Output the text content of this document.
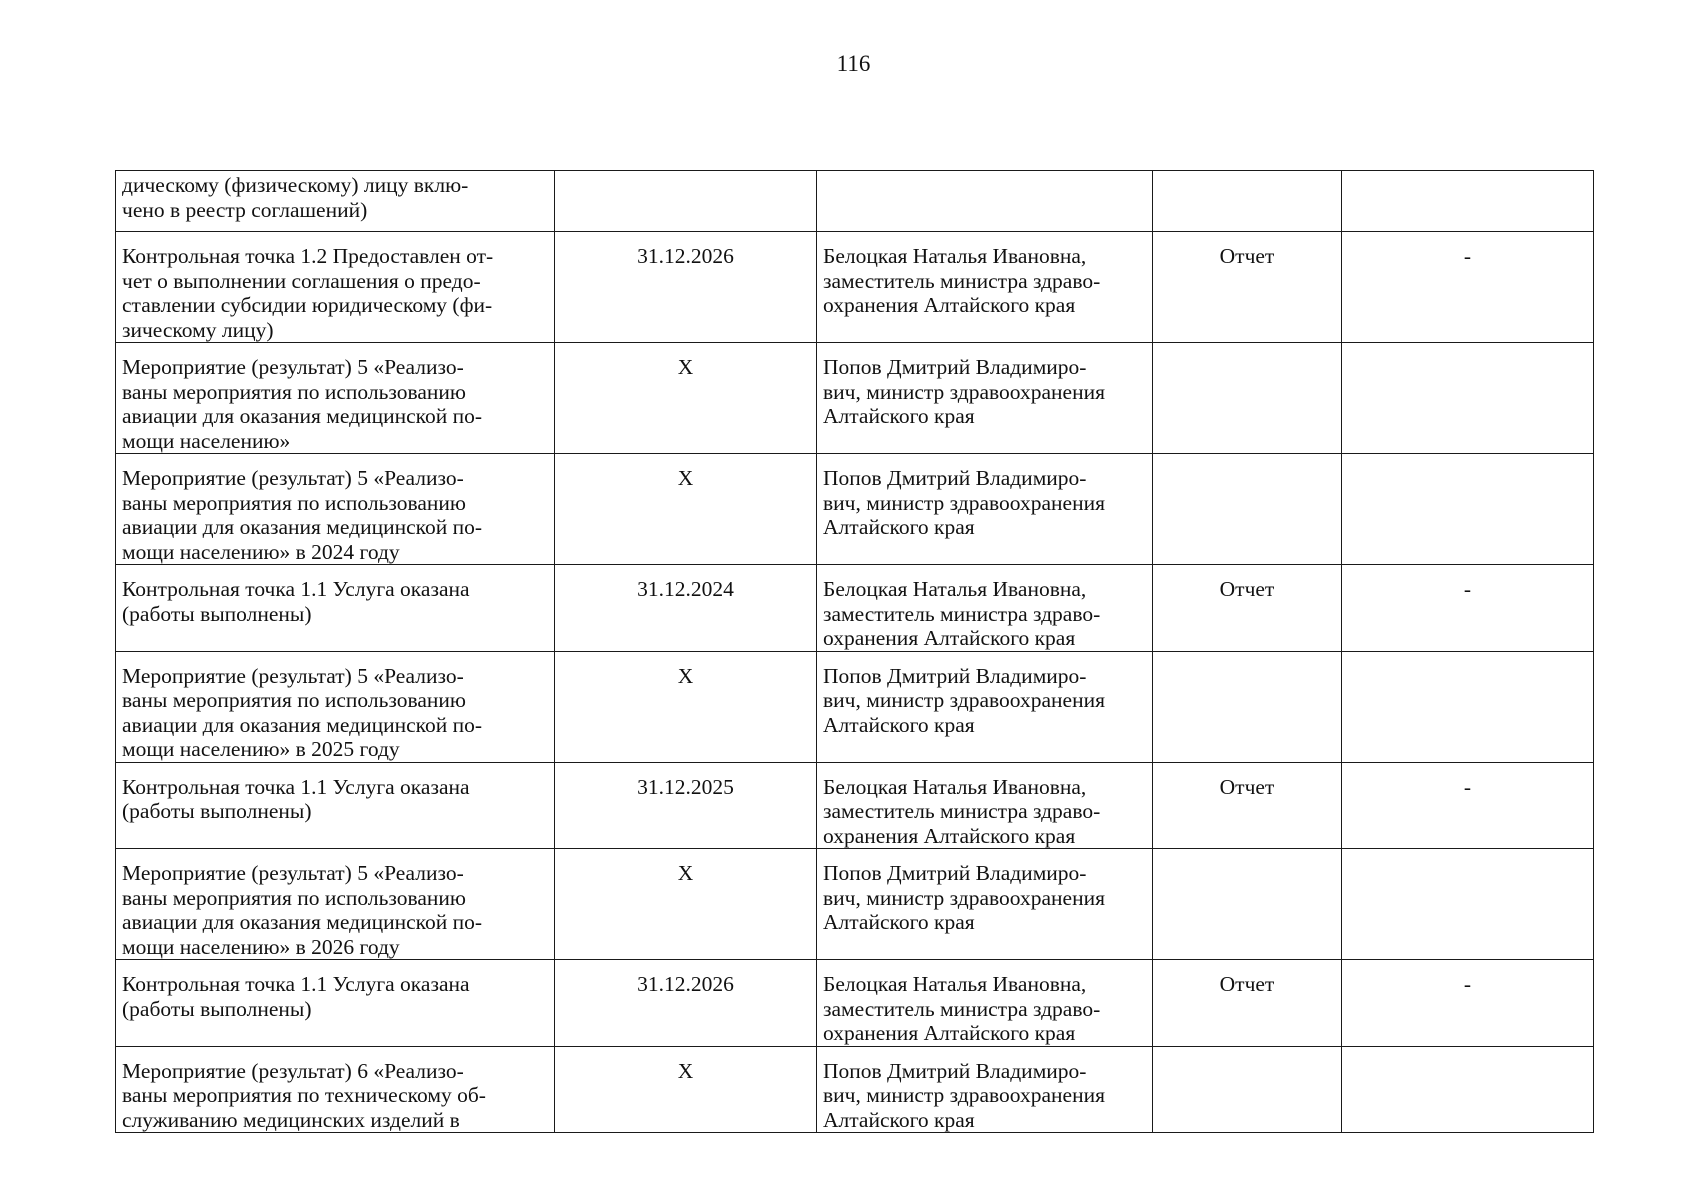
116
дическому (физическому) лицу вклю-
чено в реестр соглашений)				

Контрольная точка 1.2 Предоставлен от-
чет о выполнении соглашения о предо-
ставлении субсидии юридическому (фи-
зическому лицу)	31.12.2026	Белоцкая Наталья Ивановна,
заместитель министра здраво-
охранения Алтайского края	Отчет	-

Мероприятие (результат) 5 «Реализо-
ваны мероприятия по использованию
авиации для оказания медицинской по-
мощи населению»	X	Попов Дмитрий Владимиро-
вич, министр здравоохранения
Алтайского края		

Мероприятие (результат) 5 «Реализо-
ваны мероприятия по использованию
авиации для оказания медицинской по-
мощи населению» в 2024 году	X	Попов Дмитрий Владимиро-
вич, министр здравоохранения
Алтайского края		

Контрольная точка 1.1 Услуга оказана
(работы выполнены)	31.12.2024	Белоцкая Наталья Ивановна,
заместитель министра здраво-
охранения Алтайского края	Отчет	-

Мероприятие (результат) 5 «Реализо-
ваны мероприятия по использованию
авиации для оказания медицинской по-
мощи населению» в 2025 году	X	Попов Дмитрий Владимиро-
вич, министр здравоохранения
Алтайского края		

Контрольная точка 1.1 Услуга оказана
(работы выполнены)	31.12.2025	Белоцкая Наталья Ивановна,
заместитель министра здраво-
охранения Алтайского края	Отчет	-

Мероприятие (результат) 5 «Реализо-
ваны мероприятия по использованию
авиации для оказания медицинской по-
мощи населению» в 2026 году	X	Попов Дмитрий Владимиро-
вич, министр здравоохранения
Алтайского края		

Контрольная точка 1.1 Услуга оказана
(работы выполнены)	31.12.2026	Белоцкая Наталья Ивановна,
заместитель министра здраво-
охранения Алтайского края	Отчет	-

Мероприятие (результат) 6 «Реализо-
ваны мероприятия по техническому об-
служиванию медицинских изделий в	X	Попов Дмитрий Владимиро-
вич, министр здравоохранения
Алтайского края		
